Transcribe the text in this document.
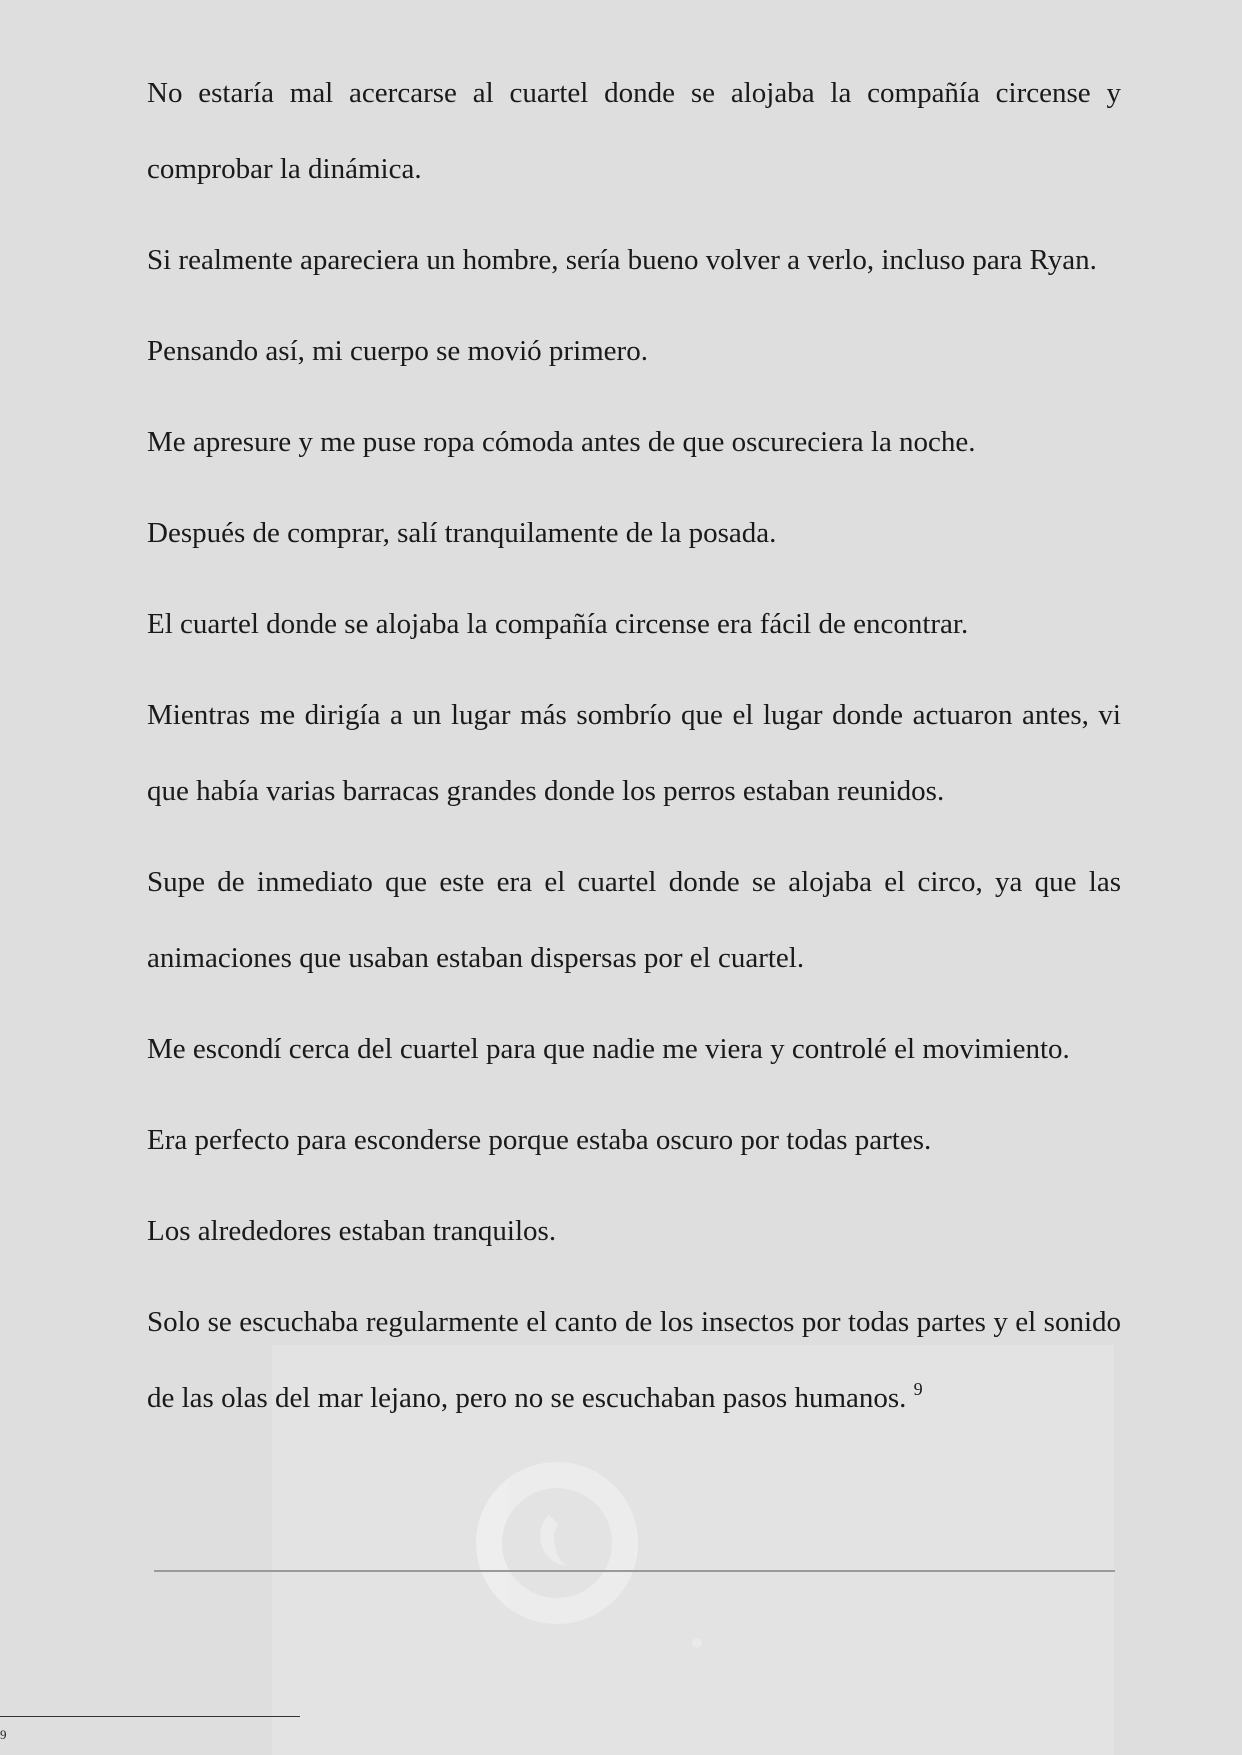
No estaría mal acercarse al cuartel donde se alojaba la compañía circense y comprobar la dinámica.

Si realmente apareciera un hombre, sería bueno volver a verlo, incluso para Ryan.

Pensando así, mi cuerpo se movió primero.

Me apresure y me puse ropa cómoda antes de que oscureciera la noche.

Después de comprar, salí tranquilamente de la posada.

El cuartel donde se alojaba la compañía circense era fácil de encontrar.

Mientras me dirigía a un lugar más sombrío que el lugar donde actuaron antes, vi que había varias barracas grandes donde los perros estaban reunidos.

Supe de inmediato que este era el cuartel donde se alojaba el circo, ya que las animaciones que usaban estaban dispersas por el cuartel.

Me escondí cerca del cuartel para que nadie me viera y controlé el movimiento.

Era perfecto para esconderse porque estaba oscuro por todas partes.

Los alrededores estaban tranquilos.

Solo se escuchaba regularmente el canto de los insectos por todas partes y el sonido de las olas del mar lejano, pero no se escuchaban pasos humanos. $^9$

9
